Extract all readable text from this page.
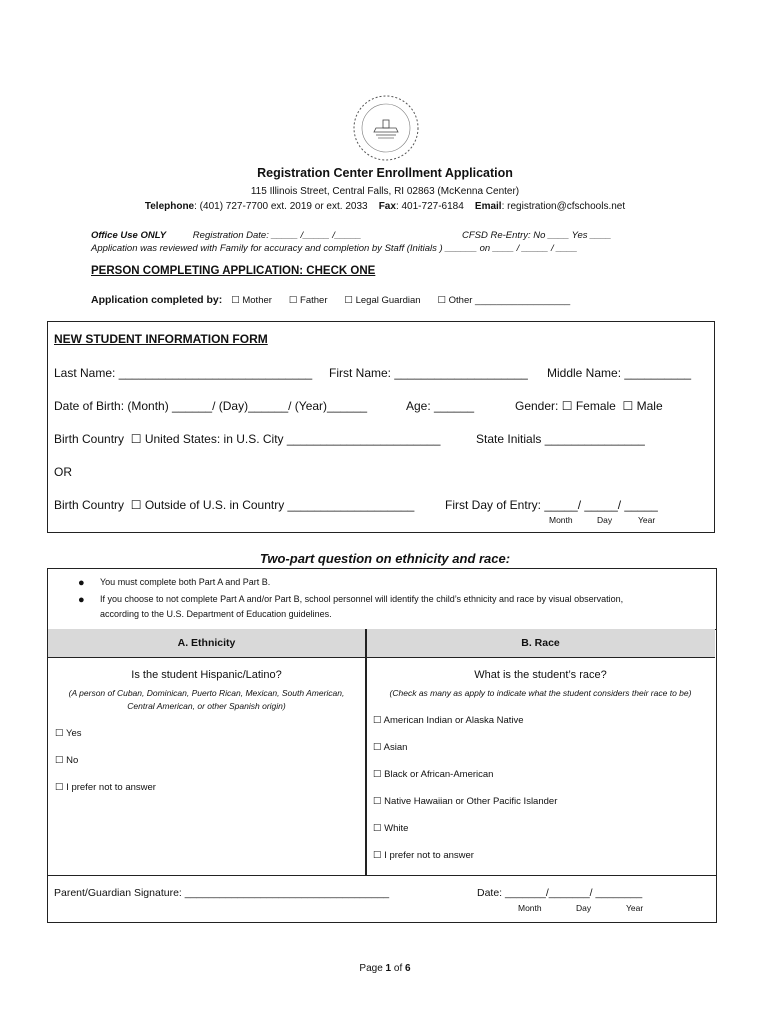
Registration Center Enrollment Application
115 Illinois Street, Central Falls, RI 02863 (McKenna Center)
Telephone: (401) 727-7700 ext. 2019 or ext. 2033 Fax: 401-727-6184 Email: registration@cfschools.net
Office Use ONLY	Registration Date: _____ /_____ /_____	CFSD Re-Entry: No ____ Yes ____
Application was reviewed with Family for accuracy and completion by Staff (Initials ) ______ on ____ / _____ / ____
PERSON COMPLETING APPLICATION: CHECK ONE
Application completed by: ☐ Mother ☐ Father ☐ Legal Guardian ☐ Other __________________
NEW STUDENT INFORMATION FORM
Last Name: _____________________________ First Name: ____________________ Middle Name: __________
Date of Birth: (Month) ______/ (Day)______/ (Year)______	Age: ______	Gender: ☐ Female ☐ Male
Birth Country ☐ United States: in U.S. City _______________________	State Initials _______________
OR
Birth Country ☐ Outside of U.S. in Country ___________________	First Day of Entry: _____/ _____/ _____
Month	Day	Year
Two-part question on ethnicity and race:
● You must complete both Part A and Part B.
● If you choose to not complete Part A and/or Part B, school personnel will identify the child’s ethnicity and race by visual observation,
according to the U.S. Department of Education guidelines.
A. Ethnicity	B. Race
Is the student Hispanic/Latino?
(A person of Cuban, Dominican, Puerto Rican, Mexican, South American,
Central American, or other Spanish origin)
☐ Yes
☐ No
☐ I prefer not to answer
What is the student’s race?
(Check as many as apply to indicate what the student considers their race to be)
☐ American Indian or Alaska Native
☐ Asian
☐ Black or African-American
☐ Native Hawaiian or Other Pacific Islander
☐ White
☐ I prefer not to answer
Parent/Guardian Signature: ___________________________________	Date: _______/_______/ ________
Month	Day	Year
Page 1 of 6
